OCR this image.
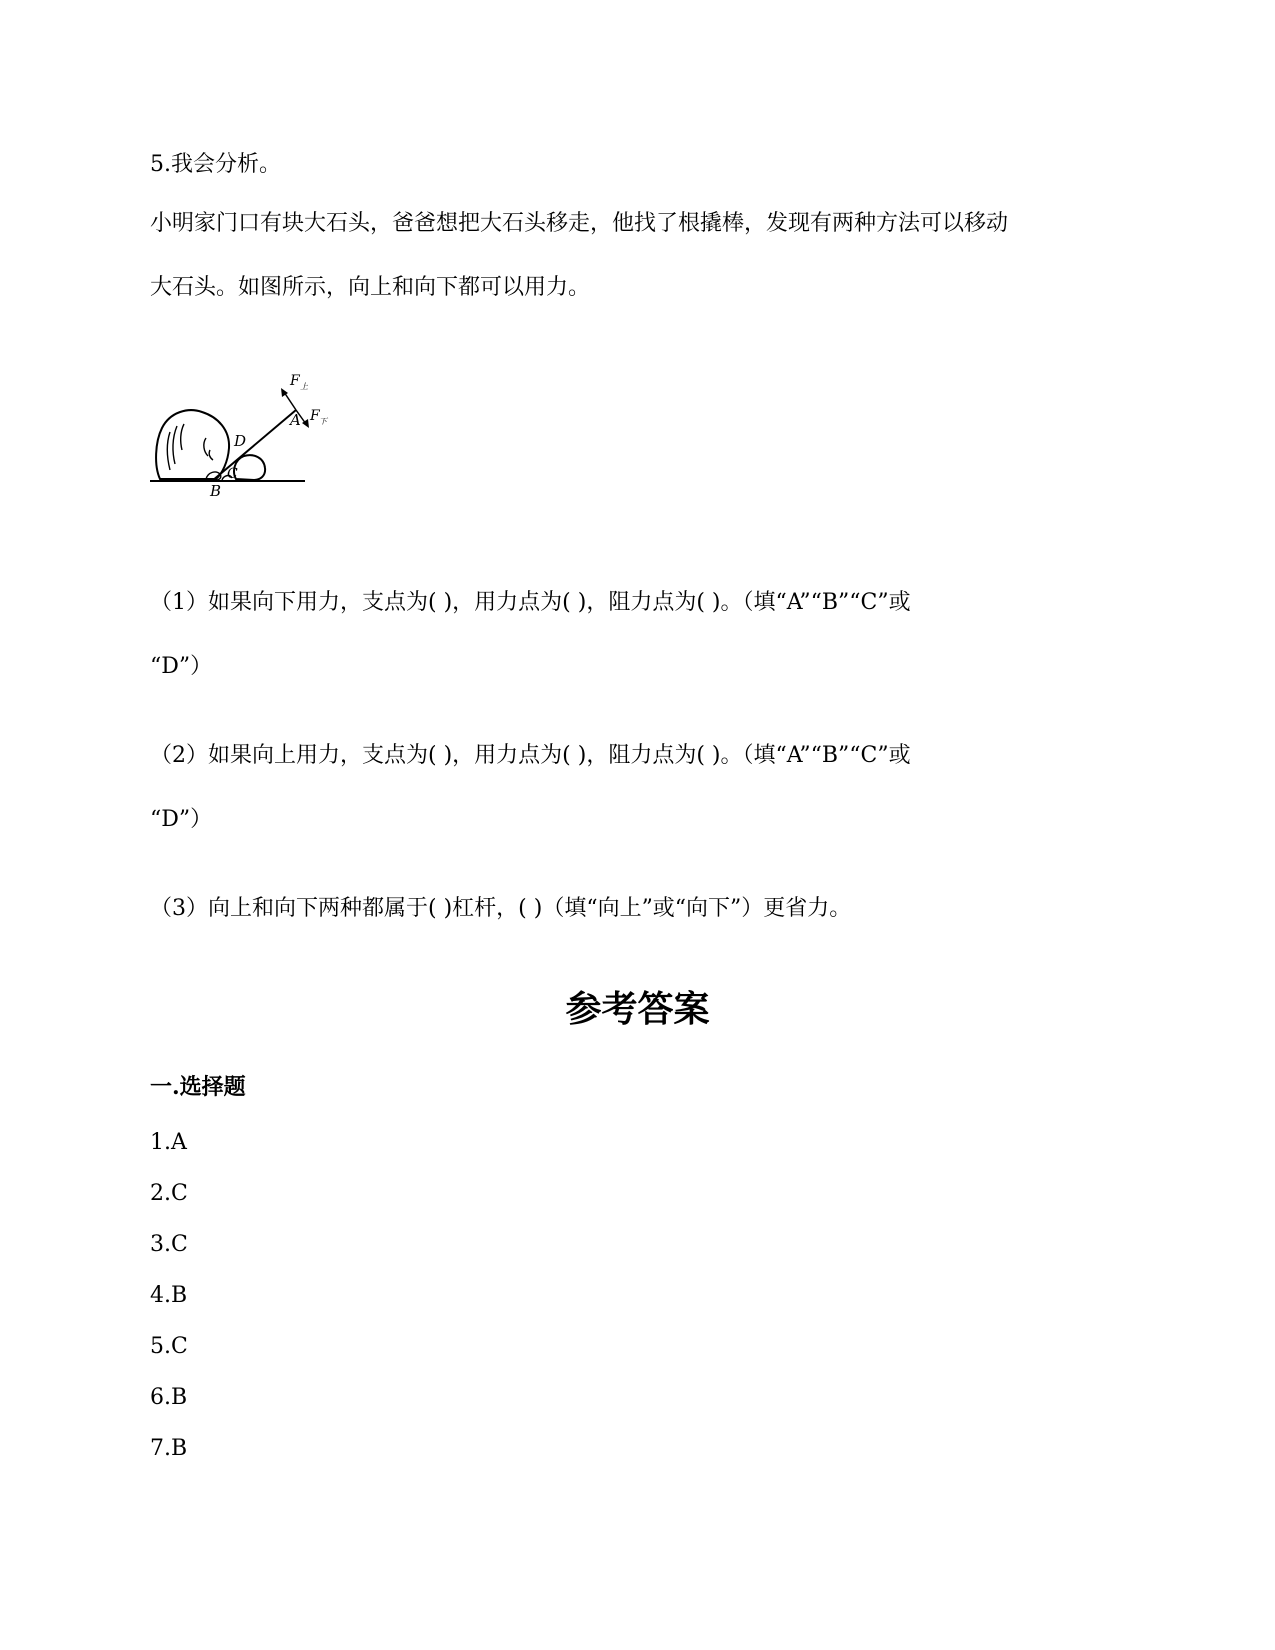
5.我会分析。
小明家门口有块大石头，爸爸想把大石头移走，他找了根撬棒，发现有两种方法可以移动
大石头。如图所示，向上和向下都可以用力。
F 上
F 下
A
D
C
B
（1）如果向下用力，支点为( )，用力点为( )，阻力点为( )。（填“A”“B”“C”或
“D”）
（2）如果向上用力，支点为( )，用力点为( )，阻力点为( )。（填“A”“B”“C”或
“D”）
（3）向上和向下两种都属于( )杠杆，( )（填“向上”或“向下”）更省力。
参考答案
一.选择题
1.A
2.C
3.C
4.B
5.C
6.B
7.B
